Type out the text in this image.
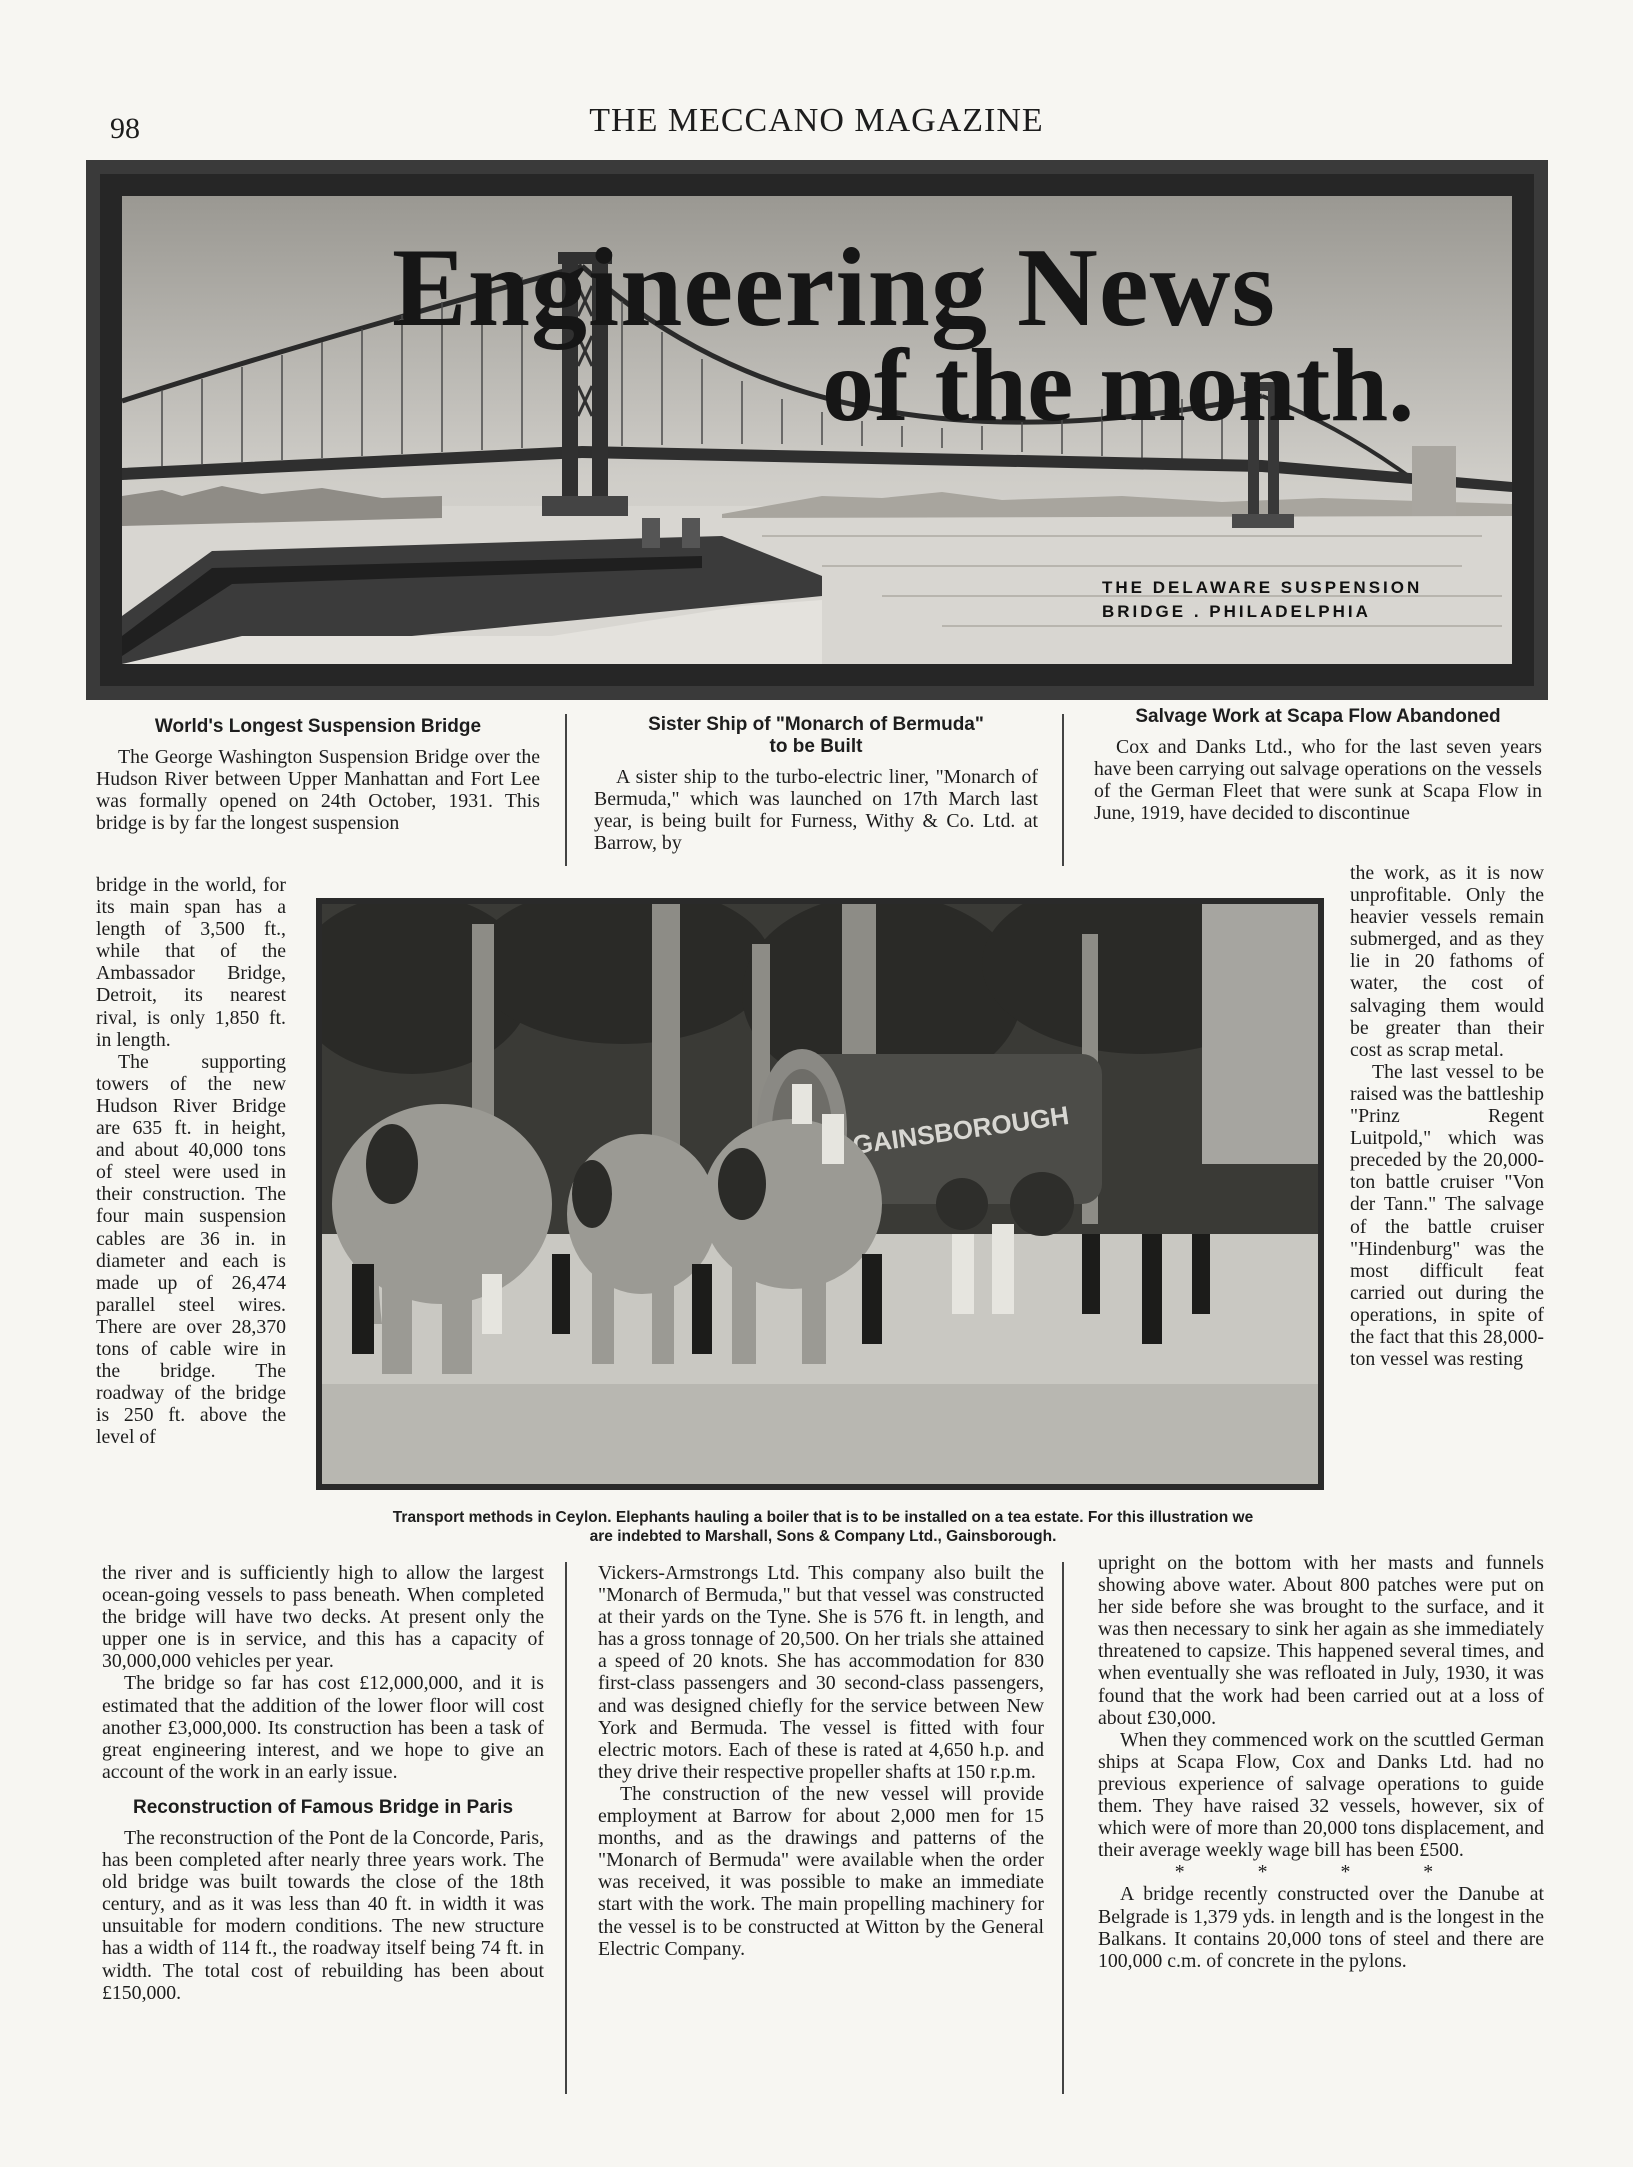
98	THE MECCANO MAGAZINE
Engineering News
of the month.
THE DELAWARE SUSPENSION
BRIDGE . PHILADELPHIA
World's Longest Suspension Bridge

The George Washington Suspension Bridge over the Hudson River between Upper Manhattan and Fort Lee was formally opened on 24th October, 1931. This bridge is by far the longest suspension

bridge in the world, for its main span has a length of 3,500 ft., while that of the Ambassador Bridge, Detroit, its nearest rival, is only 1,850 ft. in length.

The supporting towers of the new Hudson River Bridge are 635 ft. in height, and about 40,000 tons of steel were used in their construction. The four main suspension cables are 36 in. in diameter and each is made up of 26,474 parallel steel wires. There are over 28,370 tons of cable wire in the bridge. The roadway of the bridge is 250 ft. above the level of

the river and is sufficiently high to allow the largest ocean-going vessels to pass beneath. When completed the bridge will have two decks. At present only the upper one is in service, and this has a capacity of 30,000,000 vehicles per year.

The bridge so far has cost £12,000,000, and it is estimated that the addition of the lower floor will cost another £3,000,000. Its construction has been a task of great engineering interest, and we hope to give an account of the work in an early issue.

Reconstruction of Famous Bridge in Paris

The reconstruction of the Pont de la Concorde, Paris, has been completed after nearly three years work. The old bridge was built towards the close of the 18th century, and as it was less than 40 ft. in width it was unsuitable for modern conditions. The new structure has a width of 114 ft., the roadway itself being 74 ft. in width. The total cost of rebuilding has been about £150,000.

Sister Ship of "Monarch of Bermuda"
to be Built

A sister ship to the turbo-electric liner, "Monarch of Bermuda," which was launched on 17th March last year, is being built for Furness, Withy & Co. Ltd. at Barrow, by

Vickers-Armstrongs Ltd. This company also built the "Monarch of Bermuda," but that vessel was constructed at their yards on the Tyne. She is 576 ft. in length, and has a gross tonnage of 20,500. On her trials she attained a speed of 20 knots. She has accommodation for 830 first-class passengers and 30 second-class passengers, and was designed chiefly for the service between New York and Bermuda. The vessel is fitted with four electric motors. Each of these is rated at 4,650 h.p. and they drive their respective propeller shafts at 150 r.p.m.

The construction of the new vessel will provide employment at Barrow for about 2,000 men for 15 months, and as the drawings and patterns of the "Monarch of Bermuda" were available when the order was received, it was possible to make an immediate start with the work. The main propelling machinery for the vessel is to be constructed at Witton by the General Electric Company.

Salvage Work at Scapa Flow Abandoned

Cox and Danks Ltd., who for the last seven years have been carrying out salvage operations on the vessels of the German Fleet that were sunk at Scapa Flow in June, 1919, have decided to discontinue

the work, as it is now unprofitable. Only the heavier vessels remain submerged, and as they lie in 20 fathoms of water, the cost of salvaging them would be greater than their cost as scrap metal.

The last vessel to be raised was the battleship "Prinz Regent Luitpold," which was preceded by the 20,000-ton battle cruiser "Von der Tann." The salvage of the battle cruiser "Hindenburg" was the most difficult feat carried out during the operations, in spite of the fact that this 28,000-ton vessel was resting

upright on the bottom with her masts and funnels showing above water. About 800 patches were put on her side before she was brought to the surface, and it was then necessary to sink her again as she immediately threatened to capsize. This happened several times, and when eventually she was refloated in July, 1930, it was found that the work had been carried out at a loss of about £30,000.

When they commenced work on the scuttled German ships at Scapa Flow, Cox and Danks Ltd. had no previous experience of salvage operations to guide them. They have raised 32 vessels, however, six of which were of more than 20,000 tons displacement, and their average weekly wage bill has been £500.

* * * *

A bridge recently constructed over the Danube at Belgrade is 1,379 yds. in length and is the longest in the Balkans. It contains 20,000 tons of steel and there are 100,000 c.m. of concrete in the pylons.

GAINSBOROUGH
Transport methods in Ceylon. Elephants hauling a boiler that is to be installed on a tea estate. For this illustration we
are indebted to Marshall, Sons & Company Ltd., Gainsborough.
